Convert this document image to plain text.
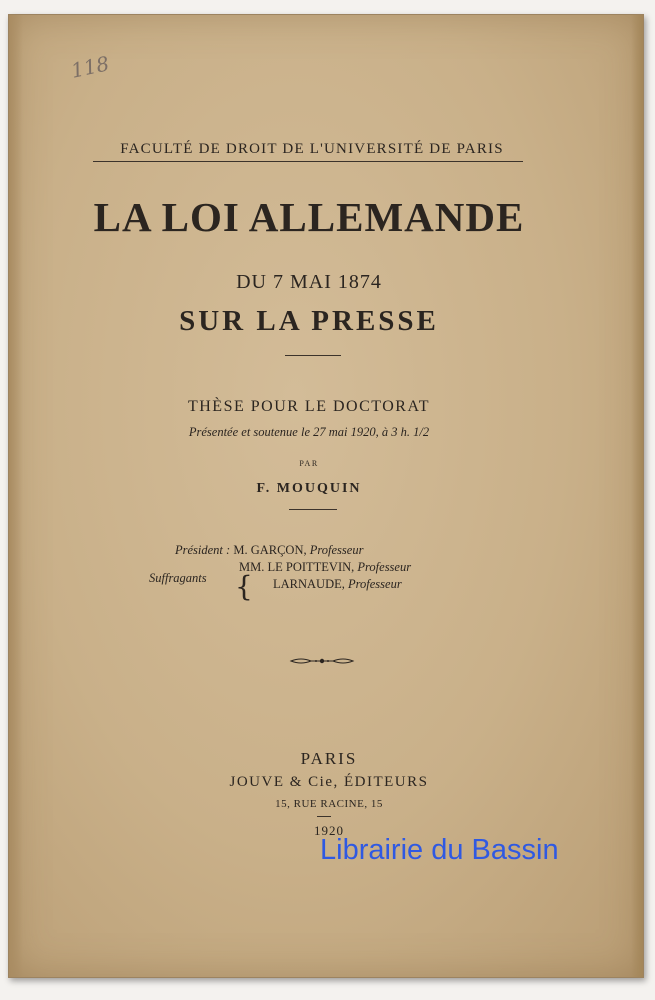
118
FACULTÉ DE DROIT DE L'UNIVERSITÉ DE PARIS
LA LOI ALLEMANDE
DU 7 MAI 1874
SUR LA PRESSE
THÈSE POUR LE DOCTORAT
Présentée et soutenue le 27 mai 1920, à 3 h. 1/2
PAR
F. MOUQUIN
Président : M. GARÇON, Professeur
Suffragants {
MM. LE POITTEVIN, Professeur
LARNAUDE, Professeur
PARIS
JOUVE & Cie, ÉDITEURS
15, RUE RACINE, 15
1920
Librairie du Bassin
